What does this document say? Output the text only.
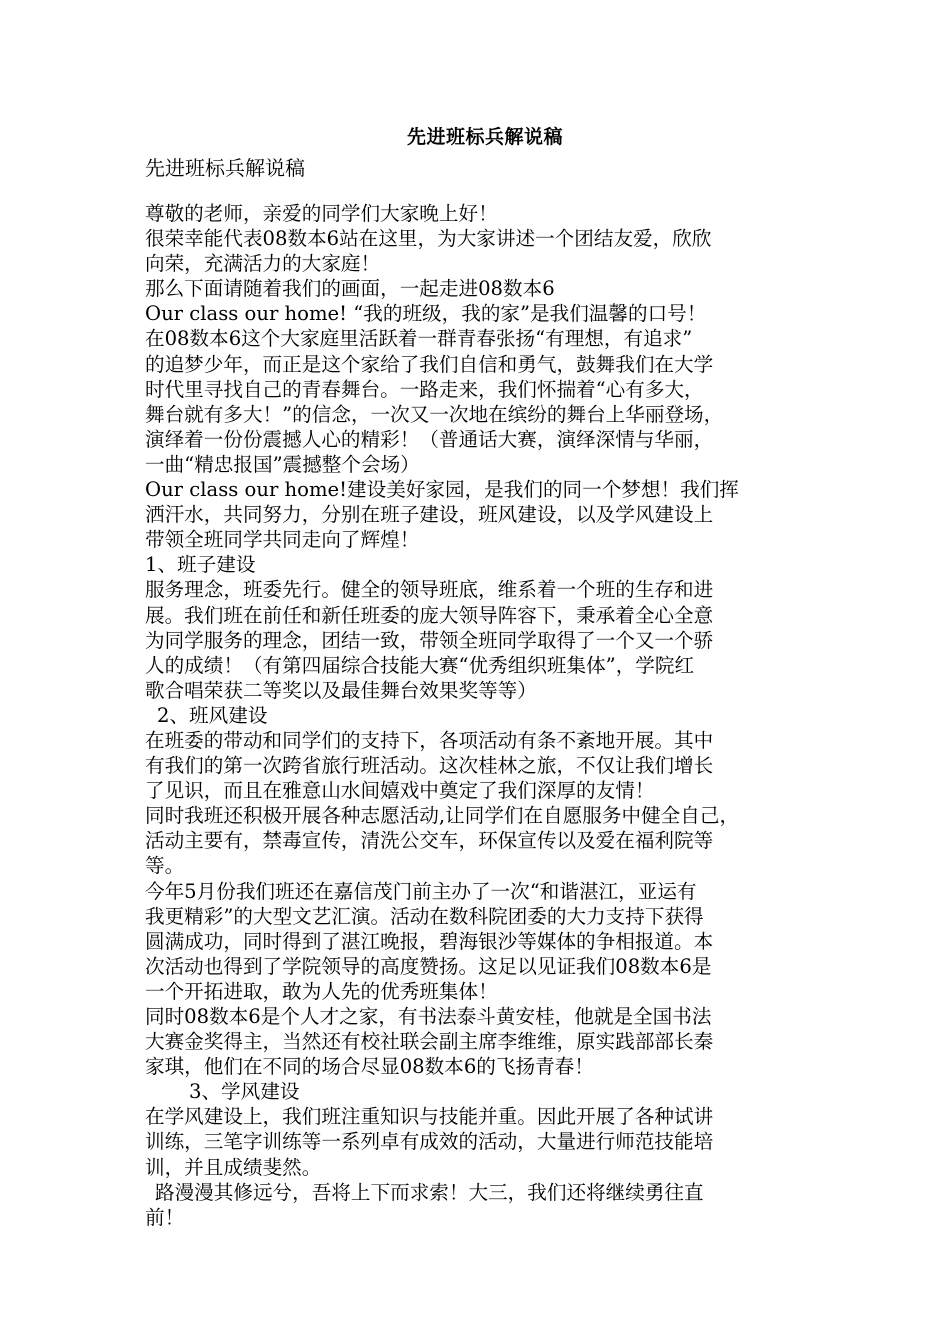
先进班标兵解说稿
先进班标兵解说稿

尊敬的老师，亲爱的同学们大家晚上好！

很荣幸能代表08数本6站在这里，为大家讲述一个团结友爱，欣欣

向荣，充满活力的大家庭！

那么下面请随着我们的画面，一起走进08数本6

Our class our home! “我的班级，我的家”是我们温馨的口号！

在08数本6这个大家庭里活跃着一群青春张扬“有理想，有追求”

的追梦少年，而正是这个家给了我们自信和勇气，鼓舞我们在大学

时代里寻找自己的青春舞台。一路走来，我们怀揣着“心有多大，

舞台就有多大！”的信念，一次又一次地在缤纷的舞台上华丽登场，

演绎着一份份震撼人心的精彩！（普通话大赛，演绎深情与华丽，

一曲“精忠报国”震撼整个会场）

Our class our home!建设美好家园，是我们的同一个梦想！我们挥

洒汗水，共同努力，分别在班子建设，班风建设，以及学风建设上

带领全班同学共同走向了辉煌！

1、班子建设

服务理念，班委先行。健全的领导班底，维系着一个班的生存和进

展。我们班在前任和新任班委的庞大领导阵容下，秉承着全心全意

为同学服务的理念，团结一致，带领全班同学取得了一个又一个骄

人的成绩！（有第四届综合技能大赛“优秀组织班集体”，学院红

歌合唱荣获二等奖以及最佳舞台效果奖等等）

2、班风建设

在班委的带动和同学们的支持下，各项活动有条不紊地开展。其中

有我们的第一次跨省旅行班活动。这次桂林之旅，不仅让我们增长

了见识，而且在雅意山水间嬉戏中奠定了我们深厚的友情！

同时我班还积极开展各种志愿活动,让同学们在自愿服务中健全自己，

活动主要有，禁毒宣传，清洗公交车，环保宣传以及爱在福利院等

等。

今年5月份我们班还在嘉信茂门前主办了一次“和谐湛江，亚运有

我更精彩”的大型文艺汇演。活动在数科院团委的大力支持下获得

圆满成功，同时得到了湛江晚报，碧海银沙等媒体的争相报道。本

次活动也得到了学院领导的高度赞扬。这足以见证我们08数本6是

一个开拓进取，敢为人先的优秀班集体！

同时08数本6是个人才之家，有书法泰斗黄安桂，他就是全国书法

大赛金奖得主，当然还有校社联会副主席李维维，原实践部部长秦

家琪，他们在不同的场合尽显08数本6的飞扬青春！

3、学风建设

在学风建设上，我们班注重知识与技能并重。因此开展了各种试讲

训练，三笔字训练等一系列卓有成效的活动，大量进行师范技能培

训，并且成绩斐然。

路漫漫其修远兮，吾将上下而求索！大三，我们还将继续勇往直

前！
